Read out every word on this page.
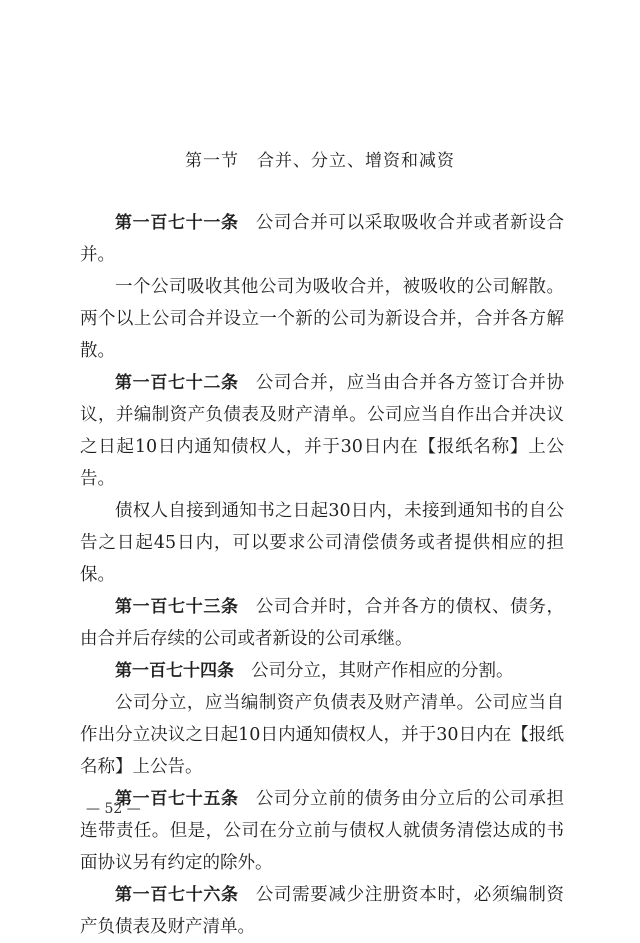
第一节　合并、分立、增资和减资

第一百七十一条 公司合并可以采取吸收合并或者新设合并。

一个公司吸收其他公司为吸收合并，被吸收的公司解散。两个以上公司合并设立一个新的公司为新设合并，合并各方解散。

第一百七十二条 公司合并，应当由合并各方签订合并协议，并编制资产负债表及财产清单。公司应当自作出合并决议之日起10日内通知债权人，并于30日内在【报纸名称】上公告。

债权人自接到通知书之日起30日内，未接到通知书的自公告之日起45日内，可以要求公司清偿债务或者提供相应的担保。

第一百七十三条 公司合并时，合并各方的债权、债务，由合并后存续的公司或者新设的公司承继。

第一百七十四条 公司分立，其财产作相应的分割。

公司分立，应当编制资产负债表及财产清单。公司应当自作出分立决议之日起10日内通知债权人，并于30日内在【报纸名称】上公告。

第一百七十五条 公司分立前的债务由分立后的公司承担连带责任。但是，公司在分立前与债权人就债务清偿达成的书面协议另有约定的除外。

第一百七十六条 公司需要减少注册资本时，必须编制资产负债表及财产清单。

— 52 —
